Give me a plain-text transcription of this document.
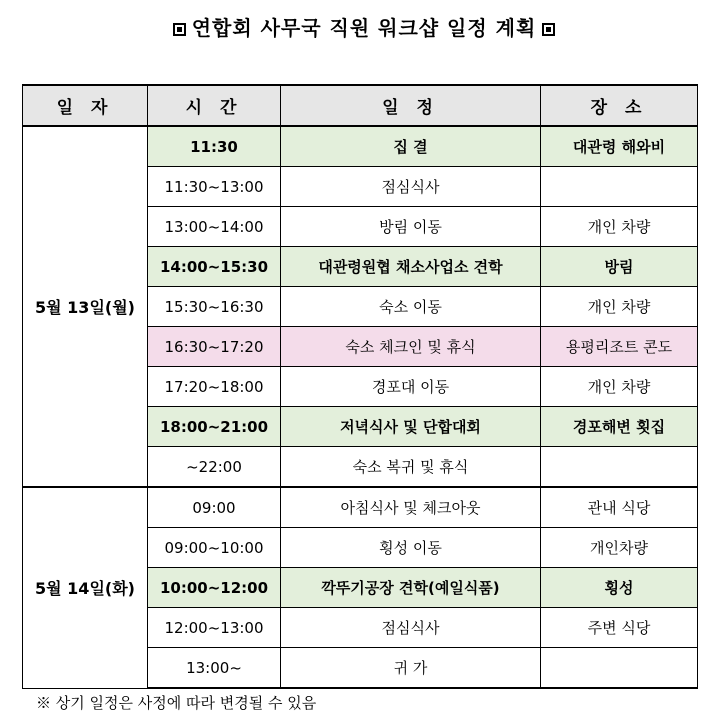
연합회 사무국 직원 워크샵 일정 계획
일 자	시 간	일 정	장 소
5월 13일(월)	11:30	집 결	대관령 해와비
	11:30~13:00	점심식사	
	13:00~14:00	방림 이동	개인 차량
	14:00~15:30	대관령원협 채소사업소 견학	방림
	15:30~16:30	숙소 이동	개인 차량
	16:30~17:20	숙소 체크인 및 휴식	용평리조트 콘도
	17:20~18:00	경포대 이동	개인 차량
	18:00~21:00	저녁식사 및 단합대회	경포해변 횟집
	~22:00	숙소 복귀 및 휴식	
5월 14일(화)	09:00	아침식사 및 체크아웃	관내 식당
	09:00~10:00	횡성 이동	개인차량
	10:00~12:00	깍뚜기공장 견학(예일식품)	횡성
	12:00~13:00	점심식사	주변 식당
	13:00~	귀 가	
※ 상기 일정은 사정에 따라 변경될 수 있음
